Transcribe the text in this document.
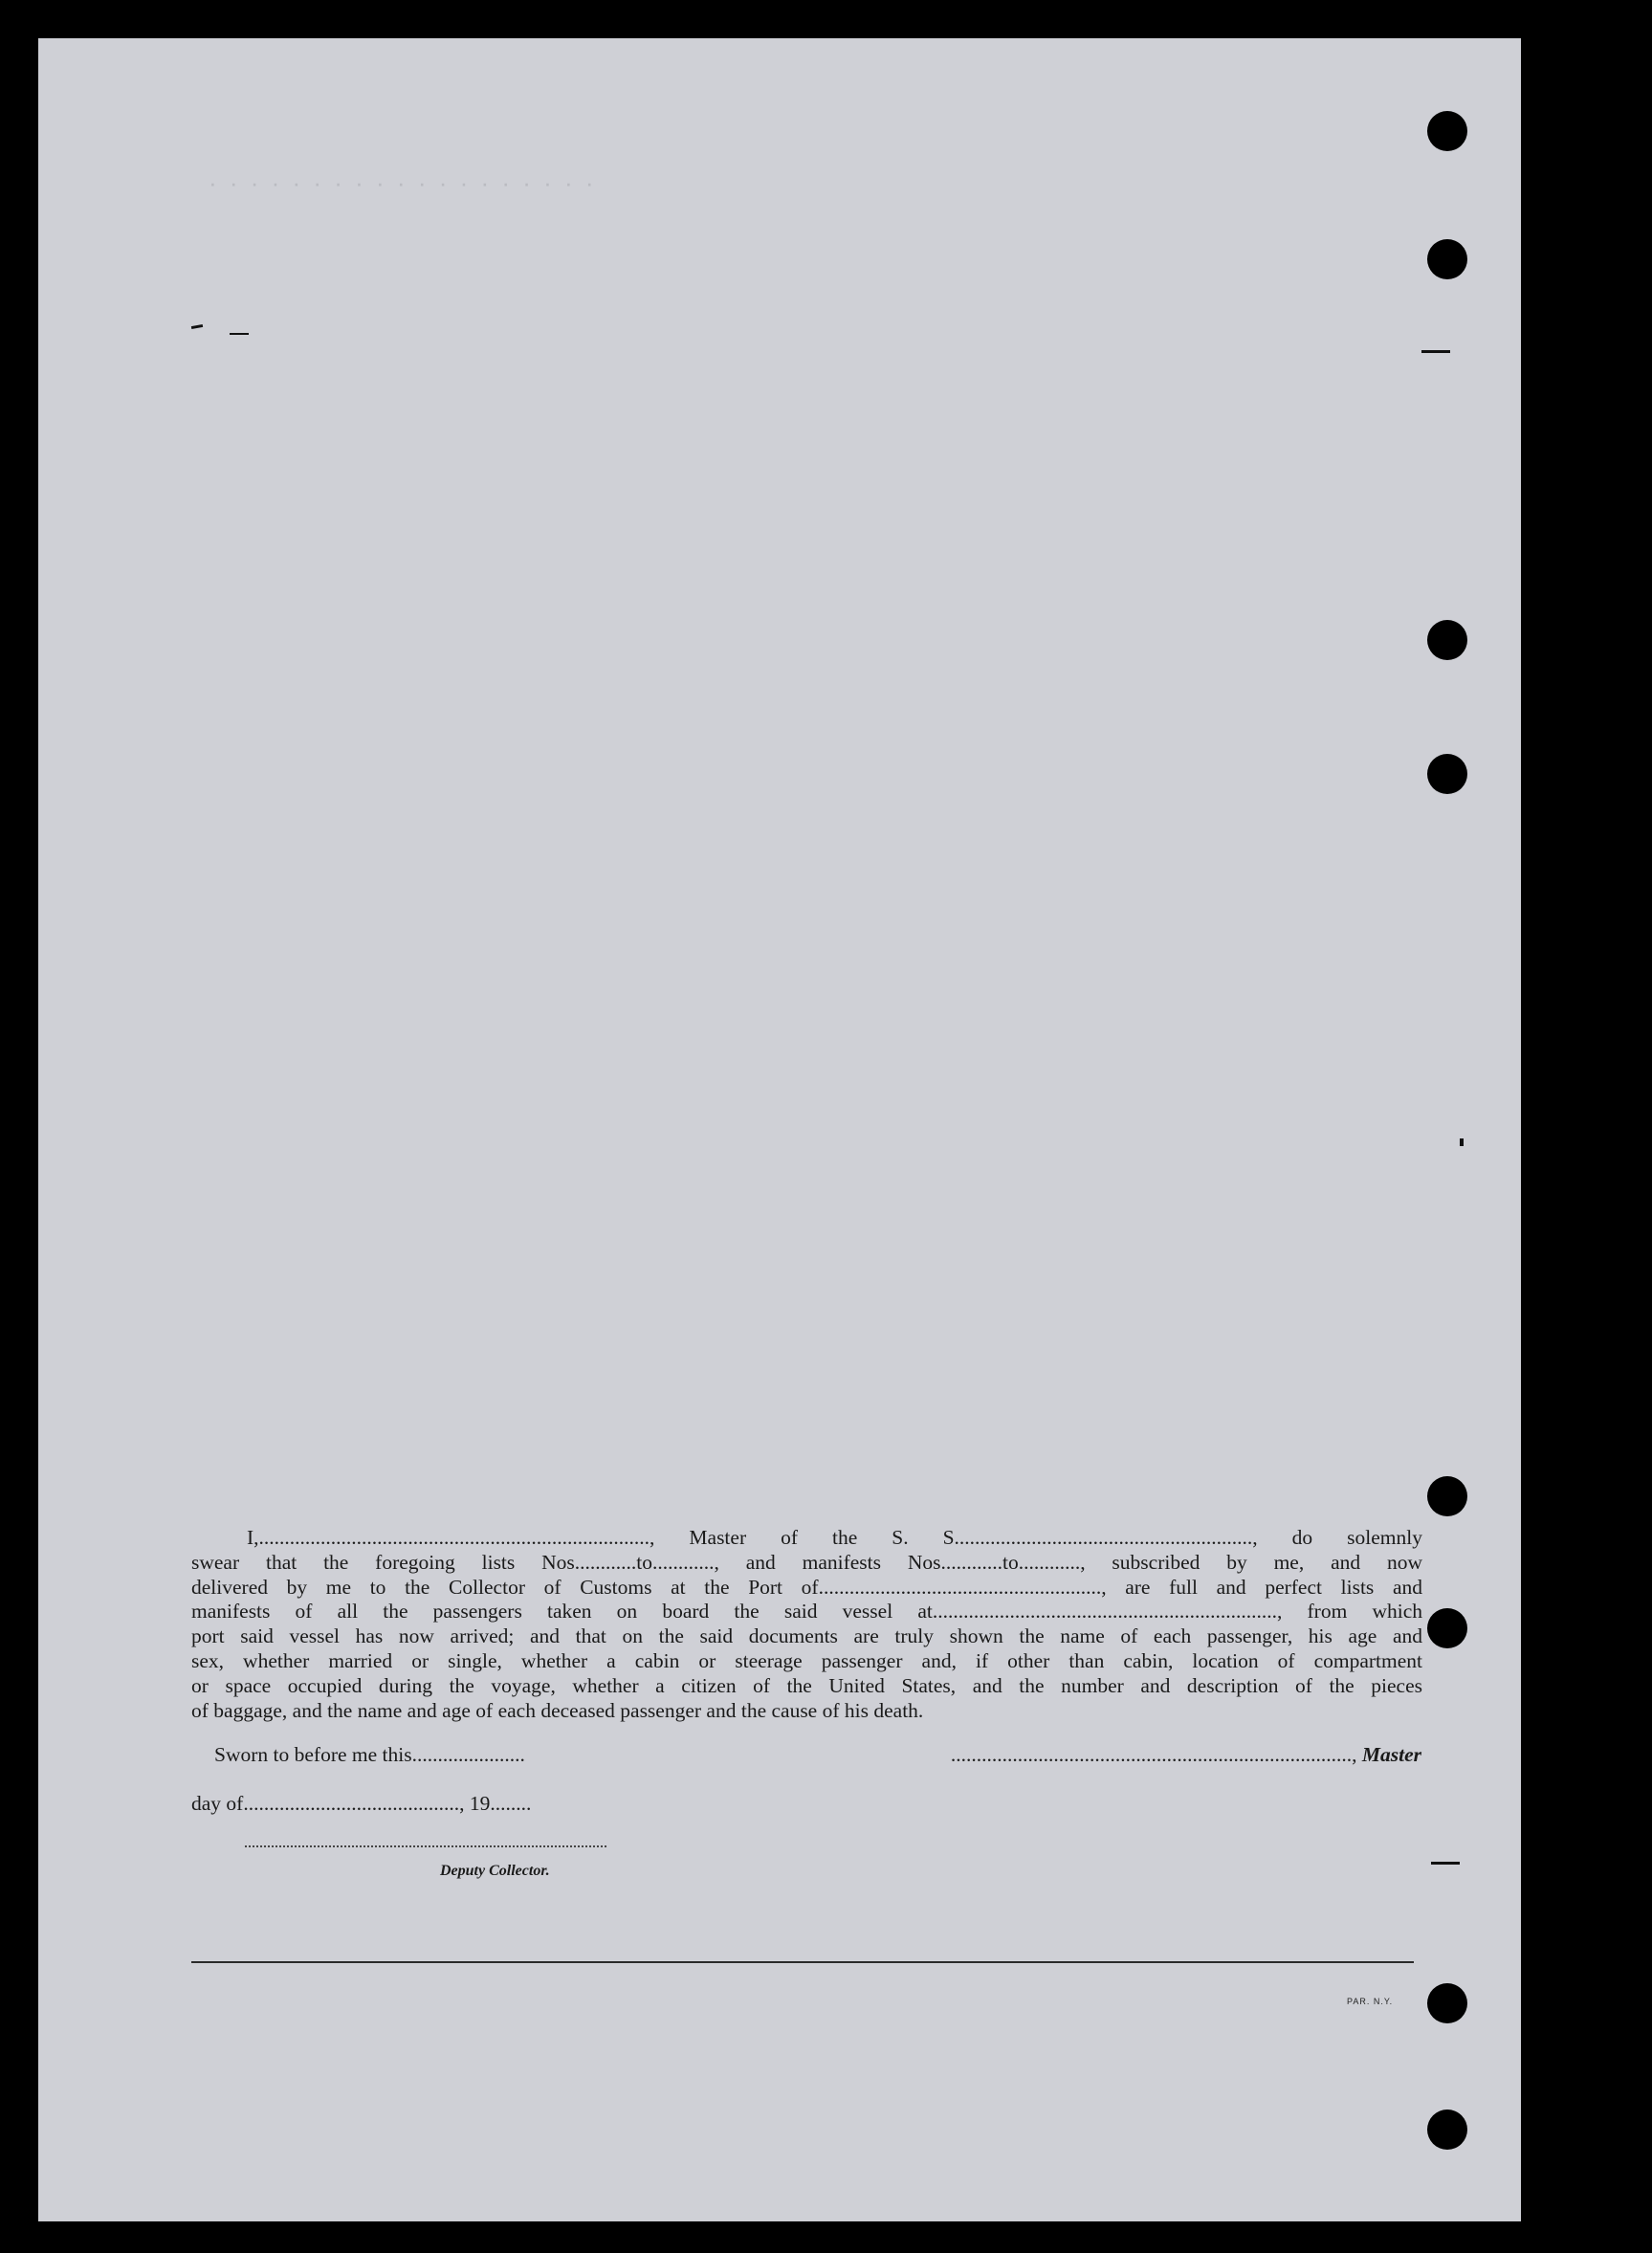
· · · · · · · · · · · · · · · · · · ·
I,............................................................................, Master of the S. S.........................................................., do solemnly
swear that the foregoing lists Nos............to............, and manifests Nos............to............, subscribed by me, and now
delivered by me to the Collector of Customs at the Port of......................................................., are full and perfect lists and
manifests of all the passengers taken on board the said vessel at..................................................................., from which
port said vessel has now arrived; and that on the said documents are truly shown the name of each passenger, his age and
sex, whether married or single, whether a cabin or steerage passenger and, if other than cabin, location of compartment
or space occupied during the voyage, whether a citizen of the United States, and the number and description of the pieces
of baggage, and the name and age of each deceased passenger and the cause of his death.
Sworn to before me this......................	.............................................................................., Master
day of.........................................., 19........
Deputy Collector.
PAR. N.Y.
